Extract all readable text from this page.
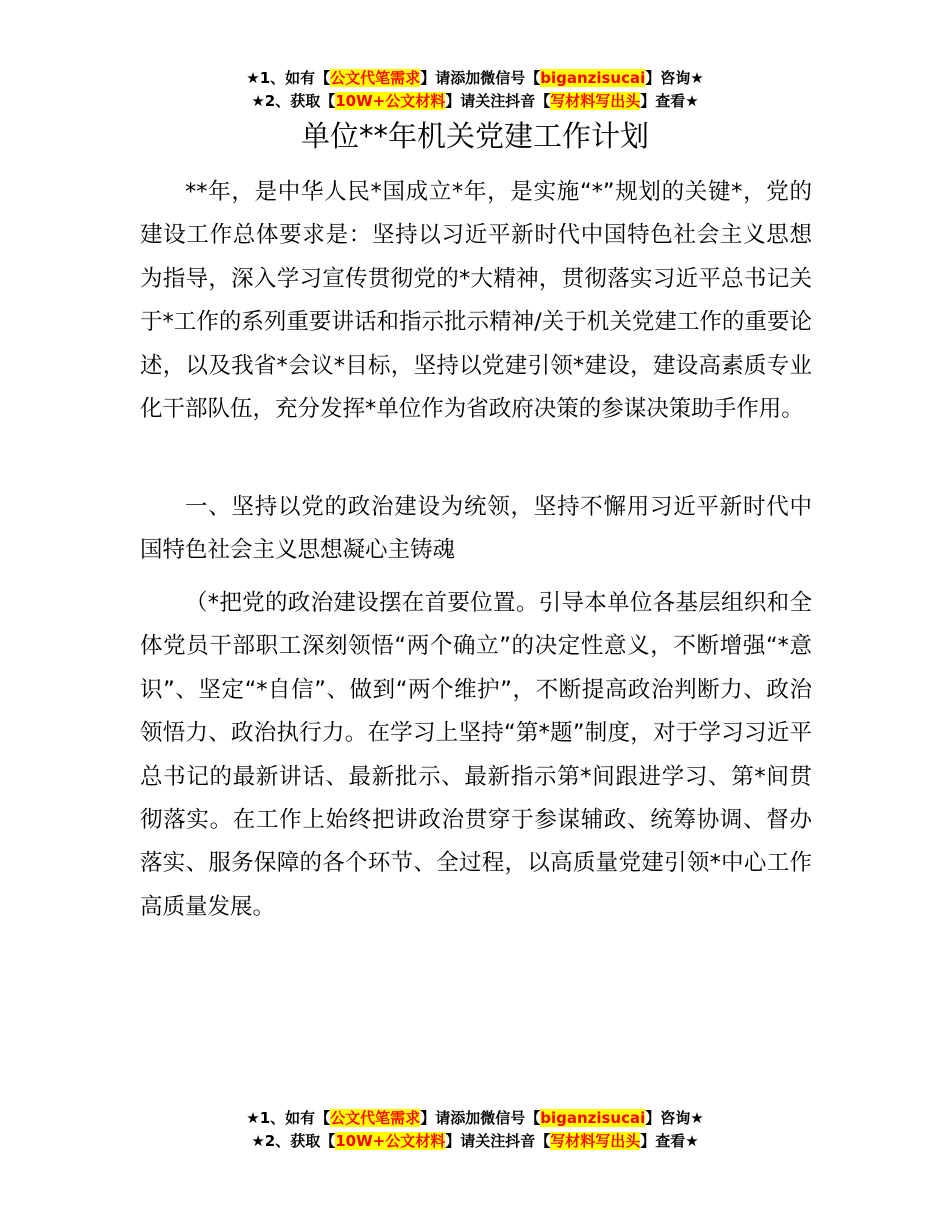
★1、如有【公文代笔需求】请添加微信号【biganzisucai】咨询★
★2、获取【10W+公文材料】请关注抖音【写材料写出头】查看★
单位**年机关党建工作计划

**年，是中华人民*国成立*年，是实施“*”规划的关键*，党的建设工作总体要求是：坚持以习近平新时代中国特色社会主义思想为指导，深入学习宣传贯彻党的*大精神，贯彻落实习近平总书记关于*工作的系列重要讲话和指示批示精神/关于机关党建工作的重要论述，以及我省*会议*目标，坚持以党建引领*建设，建设高素质专业化干部队伍，充分发挥*单位作为省政府决策的参谋决策助手作用。

一、坚持以党的政治建设为统领，坚持不懈用习近平新时代中国特色社会主义思想凝心主铸魂

（*把党的政治建设摆在首要位置。引导本单位各基层组织和全体党员干部职工深刻领悟“两个确立”的决定性意义，不断增强“*意识”、坚定“*自信”、做到“两个维护”，不断提高政治判断力、政治领悟力、政治执行力。在学习上坚持“第*题”制度，对于学习习近平总书记的最新讲话、最新批示、最新指示第*间跟进学习、第*间贯彻落实。在工作上始终把讲政治贯穿于参谋辅政、统筹协调、督办落实、服务保障的各个环节、全过程，以高质量党建引领*中心工作高质量发展。

★1、如有【公文代笔需求】请添加微信号【biganzisucai】咨询★
★2、获取【10W+公文材料】请关注抖音【写材料写出头】查看★
